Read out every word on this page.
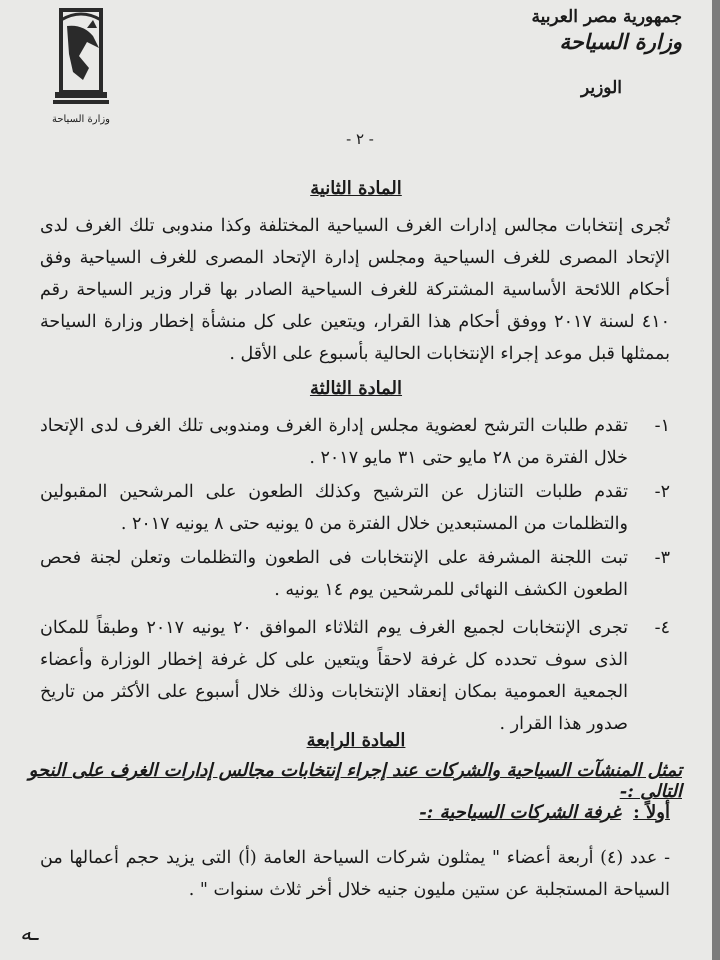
جمهورية مصر العربية
وزارة السياحة
الوزير
وزارة السياحة
- ٢ -
المادة الثانية
تُجرى إنتخابات مجالس إدارات الغرف السياحية المختلفة وكذا مندوبى تلك الغرف لدى الإتحاد المصرى للغرف السياحية ومجلس إدارة الإتحاد المصرى للغرف السياحية وفق أحكام اللائحة الأساسية المشتركة للغرف السياحية الصادر بها قرار وزير السياحة رقم ٤١٠ لسنة ٢٠١٧ ووفق أحكام هذا القرار، ويتعين على كل منشأة إخطار وزارة السياحة بممثلها قبل موعد إجراء الإنتخابات الحالية بأسبوع على الأقل .
المادة الثالثة
١-
تقدم طلبات الترشح لعضوية مجلس إدارة الغرف ومندوبى تلك الغرف لدى الإتحاد خلال الفترة من ٢٨ مايو حتى ٣١ مايو ٢٠١٧ .
٢-
تقدم طلبات التنازل عن الترشيح وكذلك الطعون على المرشحين المقبولين والتظلمات من المستبعدين خلال الفترة من ٥ يونيه حتى ٨ يونيه ٢٠١٧ .
٣-
تبت اللجنة المشرفة على الإنتخابات فى الطعون والتظلمات وتعلن لجنة فحص الطعون الكشف النهائى للمرشحين يوم ١٤ يونيه .
٤-
تجرى الإنتخابات لجميع الغرف يوم الثلاثاء الموافق ٢٠ يونيه ٢٠١٧ وطبقاً للمكان الذى سوف تحدده كل غرفة لاحقاً ويتعين على كل غرفة إخطار الوزارة وأعضاء الجمعية العمومية بمكان إنعقاد الإنتخابات وذلك خلال أسبوع على الأكثر من تاريخ صدور هذا القرار .
المادة الرابعة
تمثل المنشآت السياحية والشركات عند إجراء إنتخابات مجالس إدارات الغرف على النحو التالى :-
أولاً : غرفة الشركات السياحية :-
- عدد (٤) أربعة أعضاء " يمثلون شركات السياحة العامة (أ) التى يزيد حجم أعمالها من السياحة المستجلبة عن ستين مليون جنيه خلال أخر ثلاث سنوات " .
ـه
